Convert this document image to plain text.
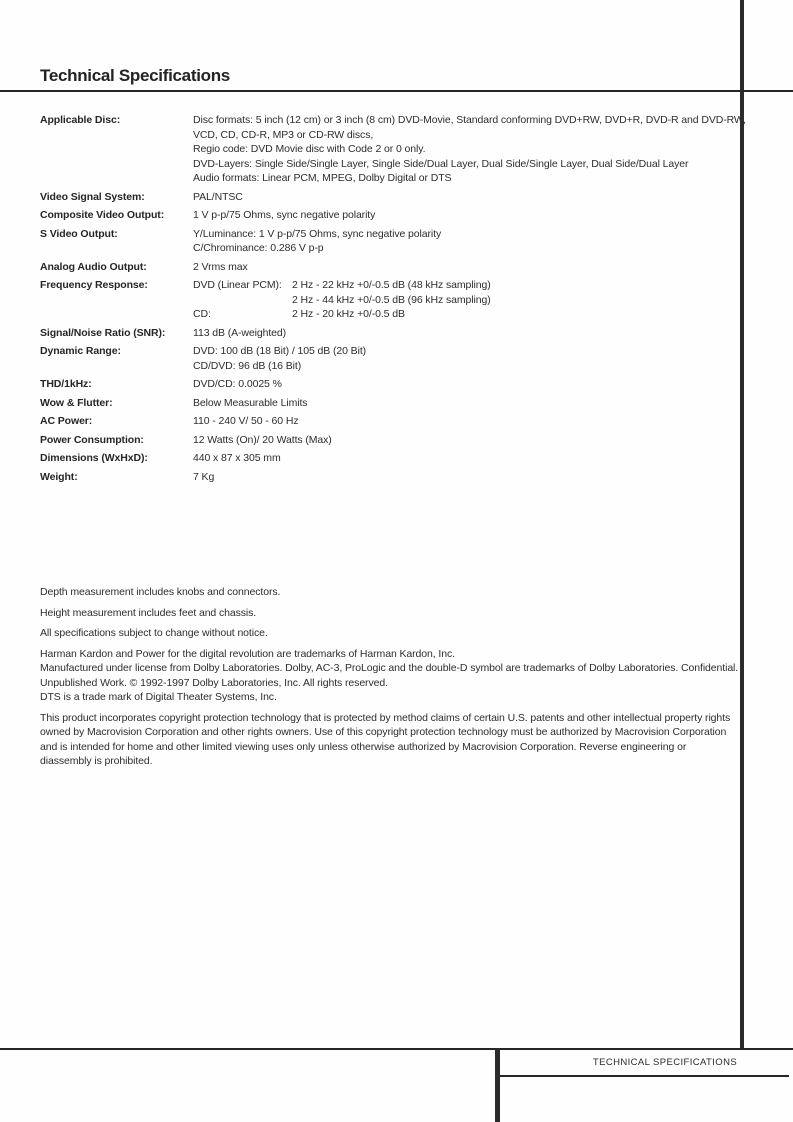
Technical Specifications
Applicable Disc:	Disc formats: 5 inch (12 cm) or 3 inch (8 cm) DVD-Movie, Standard conforming DVD+RW, DVD+R, DVD-R and DVD-RW,
VCD, CD, CD-R, MP3 or CD-RW discs,
Regio code: DVD Movie disc with Code 2 or 0 only.
DVD-Layers: Single Side/Single Layer, Single Side/Dual Layer, Dual Side/Single Layer, Dual Side/Dual Layer
Audio formats: Linear PCM, MPEG, Dolby Digital or DTS
Video Signal System:	PAL/NTSC
Composite Video Output:	1 V p-p/75 Ohms, sync negative polarity
S Video Output:	Y/Luminance: 1 V p-p/75 Ohms, sync negative polarity
C/Chrominance: 0.286 V p-p
Analog Audio Output:	2 Vrms max
Frequency Response:	DVD (Linear PCM): 2 Hz - 22 kHz +0/-0.5 dB (48 kHz sampling)
2 Hz - 44 kHz +0/-0.5 dB (96 kHz sampling)
CD:	2 Hz - 20 kHz +0/-0.5 dB
Signal/Noise Ratio (SNR):	113 dB (A-weighted)
Dynamic Range:	DVD: 100 dB (18 Bit) / 105 dB (20 Bit)
CD/DVD: 96 dB (16 Bit)
THD/1kHz:	DVD/CD: 0.0025 %
Wow & Flutter:	Below Measurable Limits
AC Power:	110 - 240 V/ 50 - 60 Hz
Power Consumption:	12 Watts (On)/ 20 Watts (Max)
Dimensions (WxHxD):	440 x 87 x 305 mm
Weight:	7 Kg
Depth measurement includes knobs and connectors.
Height measurement includes feet and chassis.
All specifications subject to change without notice.
Harman Kardon and Power for the digital revolution are trademarks of Harman Kardon, Inc.
Manufactured under license from Dolby Laboratories. Dolby, AC-3, ProLogic and the double-D symbol are trademarks of Dolby Laboratories. Confidential. Unpublished Work. © 1992-1997 Dolby Laboratories, Inc. All rights reserved.
DTS is a trade mark of Digital Theater Systems, Inc.
This product incorporates copyright protection technology that is protected by method claims of certain U.S. patents and other intellectual property rights owned by Macrovision Corporation and other rights owners. Use of this copyright protection technology must be authorized by Macrovision Corporation and is intended for home and other limited viewing uses only unless otherwise authorized by Macrovision Corporation. Reverse engineering or diassembly is prohibited.
TECHNICAL SPECIFICATIONS
